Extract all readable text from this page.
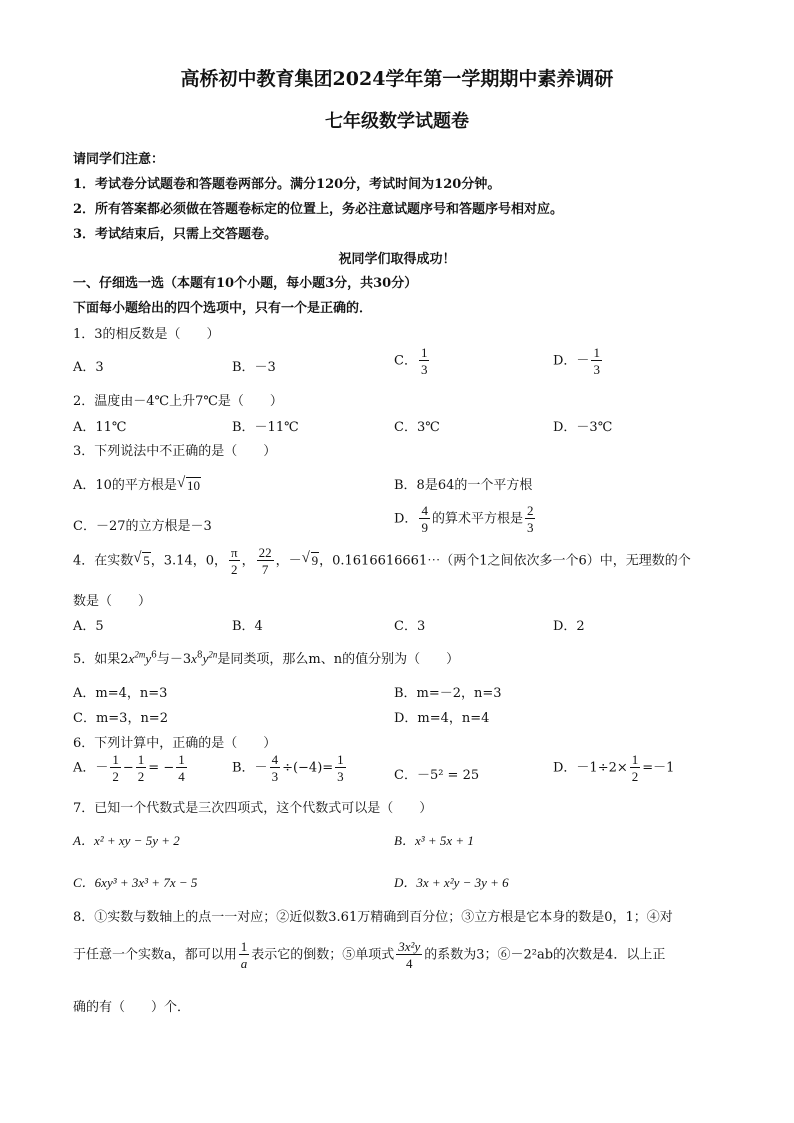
高桥初中教育集团2024学年第一学期期中素养调研
七年级数学试题卷
请同学们注意：
1．考试卷分试题卷和答题卷两部分。满分120分，考试时间为120分钟。
2．所有答案都必须做在答题卷标定的位置上，务必注意试题序号和答题序号相对应。
3．考试结束后，只需上交答题卷。
祝同学们取得成功！
一、仔细选一选（本题有10个小题，每小题3分，共30分）
下面每小题给出的四个选项中，只有一个是正确的．
1．3的相反数是（　　）
A．3	B．－3	C． $\frac{1}{3}$	D．－ $\frac{1}{3}$
2．温度由－4℃上升7℃是（　　）
A．11℃	B．－11℃	C．3℃	D．－3℃
3．下列说法中不正确的是（　　）
A．10的平方根是 √ 10	B．8是64的一个平方根
C．－27的立方根是－3	D． $\frac{4}{9}$ 的算术平方根是 $\frac{2}{3}$
4．在实数 √ 5，3.14，0， $\frac{\pi}{2}$ ， $\frac{22}{7}$ ，－ √ 9，0.1616616661⋯（两个1之间依次多一个6）中，无理数的个
数是（　　）
A．5	B．4	C．3	D．2
5．如果$2x^{2m}y^6$与$-3x^8y^{2n}$是同类项，那么m、n的值分别为（　　）
A．m=4，n=3	B．m=－2，n=3
C．m=3，n=2	D．m=4，n=4
6．下列计算中，正确的是（　　）
A．－ $\frac{1}{2} - \frac{1}{2}$ = − $\frac{1}{4}$	B．－ $\frac{4}{3} \div(-4)= \frac{1}{3}$	C．－5² = 25	D．$-1\div 2\times \frac{1}{2} =-1$
7．已知一个代数式是三次四项式，这个代数式可以是（　　）
A．x² + xy − 5y + 2	B．x³ + 5x + 1
C．6xy³ + 3x³ + 7x − 5	D．3x + x²y − 3y + 6
8．①实数与数轴上的点一一对应；②近似数3.61万精确到百分位；③立方根是它本身的数是0，1；④对
于任意一个实数a，都可以用 $\frac{1}{a}$ 表示它的倒数；⑤单项式 $\frac{\text{3x²y}}{4}$ 的系数为3；⑥－2²ab的次数是4．以上正
确的有（　　）个．
